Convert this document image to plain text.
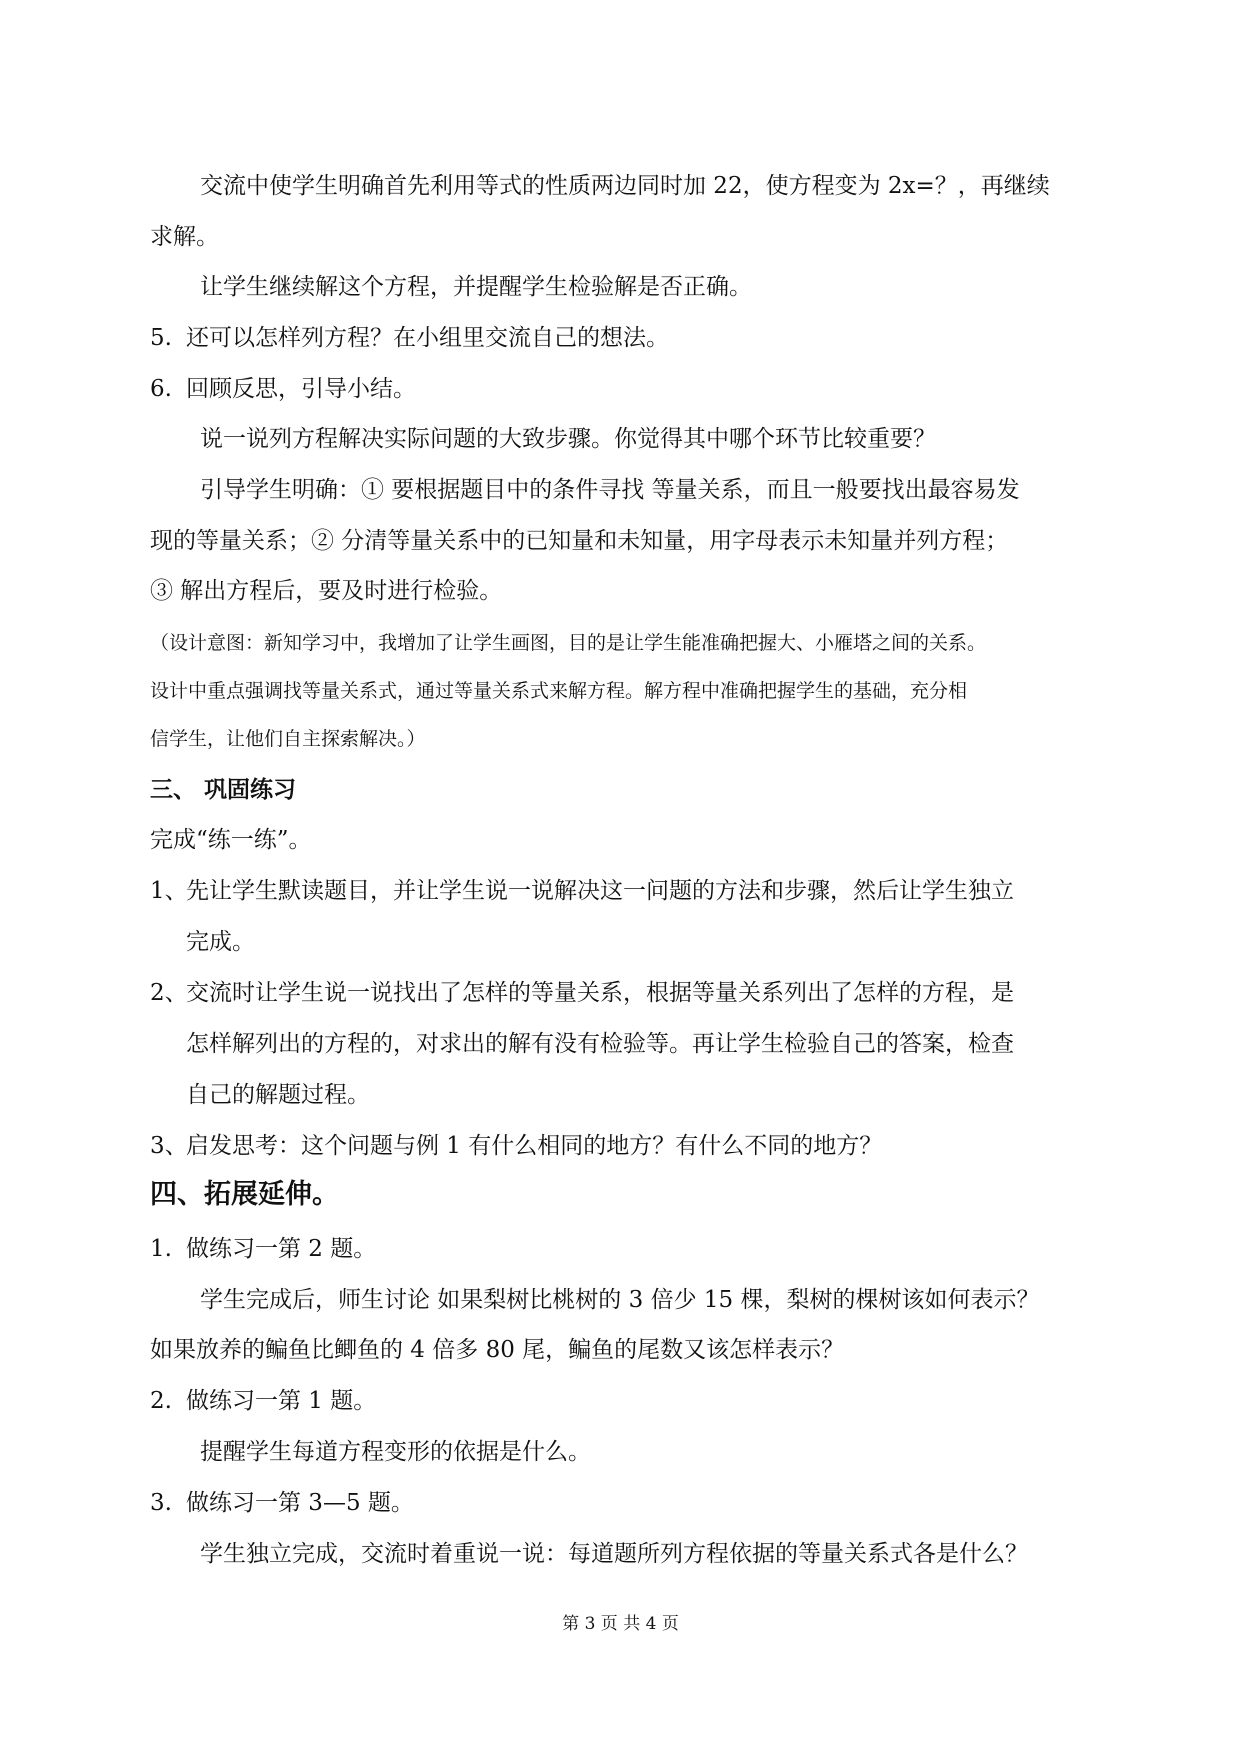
交流中使学生明确首先利用等式的性质两边同时加 22，使方程变为 2x=？，再继续
求解。
让学生继续解这个方程，并提醒学生检验解是否正确。
5. 还可以怎样列方程？在小组里交流自己的想法。
6. 回顾反思，引导小结。
说一说列方程解决实际问题的大致步骤。你觉得其中哪个环节比较重要？
引导学生明确：① 要根据题目中的条件寻找 等量关系，而且一般要找出最容易发
现的等量关系；② 分清等量关系中的已知量和未知量，用字母表示未知量并列方程；
③ 解出方程后，要及时进行检验。
（设计意图：新知学习中，我增加了让学生画图，目的是让学生能准确把握大、小雁塔之间的关系。
设计中重点强调找等量关系式，通过等量关系式来解方程。解方程中准确把握学生的基础，充分相
信学生，让他们自主探索解决。）
三、 巩固练习
完成“练一练”。
1、先让学生默读题目，并让学生说一说解决这一问题的方法和步骤，然后让学生独立
完成。
2、交流时让学生说一说找出了怎样的等量关系，根据等量关系列出了怎样的方程，是
怎样解列出的方程的，对求出的解有没有检验等。再让学生检验自己的答案，检查
自己的解题过程。
3、启发思考：这个问题与例 1 有什么相同的地方？有什么不同的地方？
四、拓展延伸。
1. 做练习一第 2 题。
学生完成后，师生讨论 如果梨树比桃树的 3 倍少 15 棵，梨树的棵树该如何表示？
如果放养的鳊鱼比鲫鱼的 4 倍多 80 尾，鳊鱼的尾数又该怎样表示？
2. 做练习一第 1 题。
提醒学生每道方程变形的依据是什么。
3. 做练习一第 3—5 题。
学生独立完成，交流时着重说一说：每道题所列方程依据的等量关系式各是什么？
第 3 页 共 4 页
